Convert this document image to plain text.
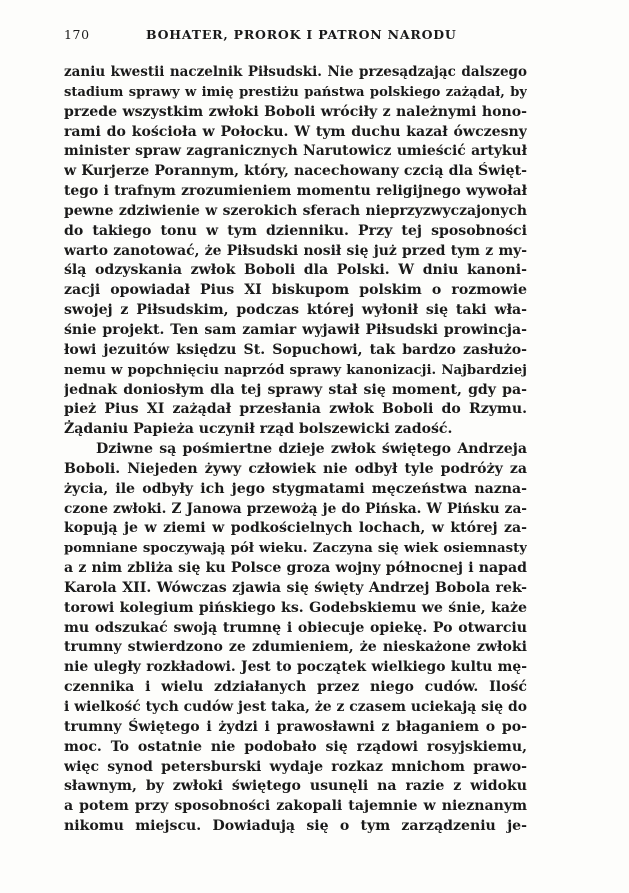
170	BOHATER, PROROK I PATRON NARODU
zaniu kwestii naczelnik Piłsudski. Nie przesądzając dalszego
stadium sprawy w imię prestiżu państwa polskiego zażądał, by
przede wszystkim zwłoki Boboli wróciły z należnymi hono-
rami do kościoła w Połocku. W tym duchu kazał ówczesny
minister spraw zagranicznych Narutowicz umieścić artykuł
w Kurjerze Porannym, który, nacechowany czcią dla Święt-
tego i trafnym zrozumieniem momentu religijnego wywołał
pewne zdziwienie w szerokich sferach nieprzyzwyczajonych
do takiego tonu w tym dzienniku. Przy tej sposobności
warto zanotować, że Piłsudski nosił się już przed tym z my-
ślą odzyskania zwłok Boboli dla Polski. W dniu kanoni-
zacji opowiadał Pius XI biskupom polskim o rozmowie
swojej z Piłsudskim, podczas której wyłonił się taki wła-
śnie projekt. Ten sam zamiar wyjawił Piłsudski prowincja-
łowi jezuitów księdzu St. Sopuchowi, tak bardzo zasłużo-
nemu w popchnięciu naprzód sprawy kanonizacji. Najbardziej
jednak doniosłym dla tej sprawy stał się moment, gdy pa-
pież Pius XI zażądał przesłania zwłok Boboli do Rzymu.
Żądaniu Papieża uczynił rząd bolszewicki zadość.
Dziwne są pośmiertne dzieje zwłok świętego Andrzeja
Boboli. Niejeden żywy człowiek nie odbył tyle podróży za
życia, ile odbyły ich jego stygmatami męczeństwa nazna-
czone zwłoki. Z Janowa przewożą je do Pińska. W Pińsku za-
kopują je w ziemi w podkościelnych lochach, w której za-
pomniane spoczywają pół wieku. Zaczyna się wiek osiemnasty
a z nim zbliża się ku Polsce groza wojny północnej i napad
Karola XII. Wówczas zjawia się święty Andrzej Bobola rek-
torowi kolegium pińskiego ks. Godebskiemu we śnie, każe
mu odszukać swoją trumnę i obiecuje opiekę. Po otwarciu
trumny stwierdzono ze zdumieniem, że nieskażone zwłoki
nie uległy rozkładowi. Jest to początek wielkiego kultu mę-
czennika i wielu zdziałanych przez niego cudów. Ilość
i wielkość tych cudów jest taka, że z czasem uciekają się do
trumny Świętego i żydzi i prawosławni z błaganiem o po-
moc. To ostatnie nie podobało się rządowi rosyjskiemu,
więc synod petersburski wydaje rozkaz mnichom prawo-
sławnym, by zwłoki świętego usunęli na razie z widoku
a potem przy sposobności zakopali tajemnie w nieznanym
nikomu miejscu. Dowiadują się o tym zarządzeniu je-
